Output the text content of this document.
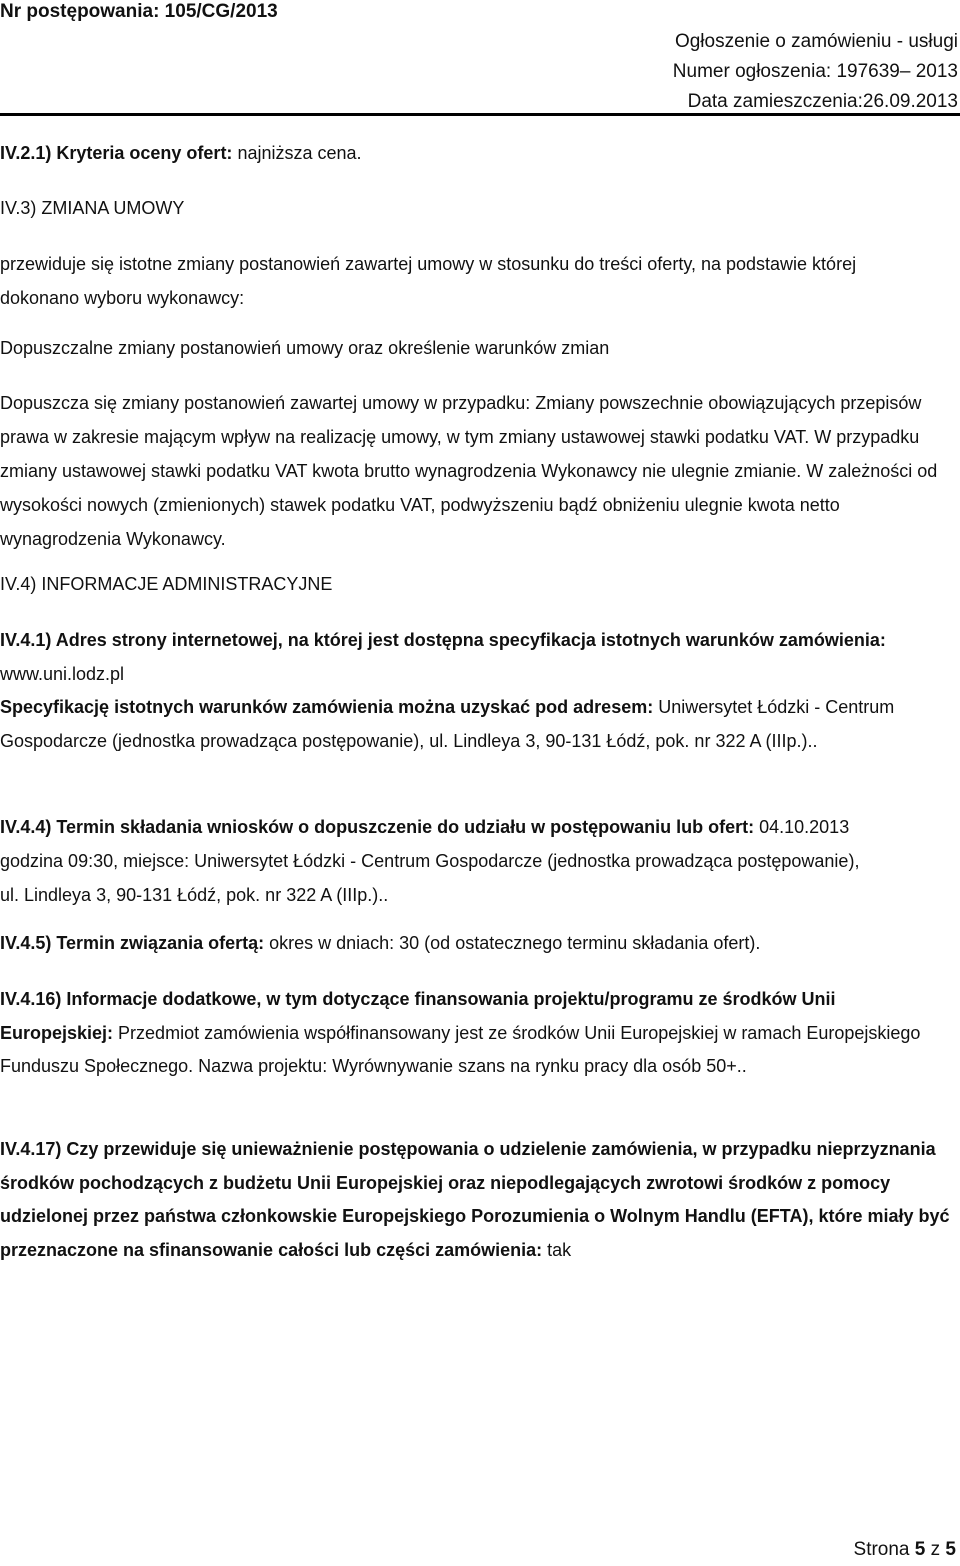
Nr postępowania: 105/CG/2013
Ogłoszenie o zamówieniu - usługi
Numer ogłoszenia: 197639– 2013
Data zamieszczenia:26.09.2013
IV.2.1) Kryteria oceny ofert: najniższa cena.
IV.3) ZMIANA UMOWY
przewiduje się istotne zmiany postanowień zawartej umowy w stosunku do treści oferty, na podstawie której dokonano wyboru wykonawcy:
Dopuszczalne zmiany postanowień umowy oraz określenie warunków zmian
Dopuszcza się zmiany postanowień zawartej umowy w przypadku: Zmiany powszechnie obowiązujących przepisów prawa w zakresie mającym wpływ na realizację umowy, w tym zmiany ustawowej stawki podatku VAT. W przypadku zmiany ustawowej stawki podatku VAT kwota brutto wynagrodzenia Wykonawcy nie ulegnie zmianie. W zależności od wysokości nowych (zmienionych) stawek podatku VAT, podwyższeniu bądź obniżeniu ulegnie kwota netto wynagrodzenia Wykonawcy.
IV.4) INFORMACJE ADMINISTRACYJNE
IV.4.1) Adres strony internetowej, na której jest dostępna specyfikacja istotnych warunków zamówienia: www.uni.lodz.pl
Specyfikację istotnych warunków zamówienia można uzyskać pod adresem: Uniwersytet Łódzki - Centrum Gospodarcze (jednostka prowadząca postępowanie), ul. Lindleya 3, 90-131 Łódź, pok. nr 322 A (IIIp.)..
IV.4.4) Termin składania wniosków o dopuszczenie do udziału w postępowaniu lub ofert: 04.10.2013 godzina 09:30, miejsce: Uniwersytet Łódzki - Centrum Gospodarcze (jednostka prowadząca postępowanie), ul. Lindleya 3, 90-131 Łódź, pok. nr 322 A (IIIp.)..
IV.4.5) Termin związania ofertą: okres w dniach: 30 (od ostatecznego terminu składania ofert).
IV.4.16) Informacje dodatkowe, w tym dotyczące finansowania projektu/programu ze środków Unii Europejskiej: Przedmiot zamówienia współfinansowany jest ze środków Unii Europejskiej w ramach Europejskiego Funduszu Społecznego. Nazwa projektu: Wyrównywanie szans na rynku pracy dla osób 50+..
IV.4.17) Czy przewiduje się unieważnienie postępowania o udzielenie zamówienia, w przypadku nieprzyznania środków pochodzących z budżetu Unii Europejskiej oraz niepodlegających zwrotowi środków z pomocy udzielonej przez państwa członkowskie Europejskiego Porozumienia o Wolnym Handlu (EFTA), które miały być przeznaczone na sfinansowanie całości lub części zamówienia: tak
Strona 5 z 5
